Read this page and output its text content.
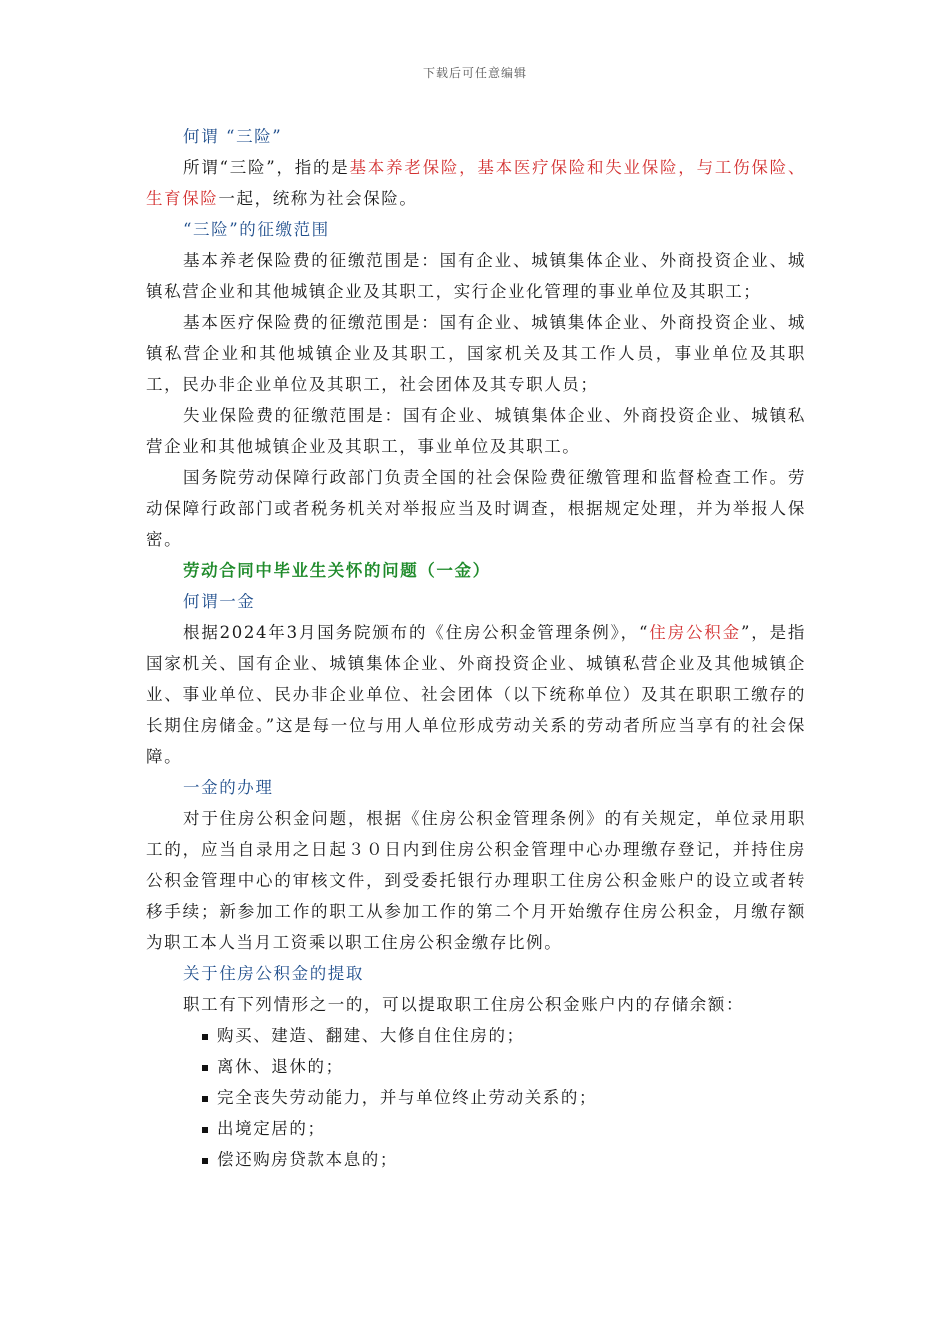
下载后可任意编辑

何谓 “三险”

所谓“三险”，指的是基本养老保险，基本医疗保险和失业保险，与工伤保险、生育保险一起，统称为社会保险。

“三险”的征缴范围

基本养老保险费的征缴范围是：国有企业、城镇集体企业、外商投资企业、城镇私营企业和其他城镇企业及其职工，实行企业化管理的事业单位及其职工；

基本医疗保险费的征缴范围是：国有企业、城镇集体企业、外商投资企业、城镇私营企业和其他城镇企业及其职工，国家机关及其工作人员，事业单位及其职工，民办非企业单位及其职工，社会团体及其专职人员；

失业保险费的征缴范围是：国有企业、城镇集体企业、外商投资企业、城镇私营企业和其他城镇企业及其职工，事业单位及其职工。

国务院劳动保障行政部门负责全国的社会保险费征缴管理和监督检查工作。劳动保障行政部门或者税务机关对举报应当及时调查，根据规定处理，并为举报人保密。

劳动合同中毕业生关怀的问题（一金）

何谓一金

根据2024年3月国务院颁布的《住房公积金管理条例》，“住房公积金”，是指国家机关、国有企业、城镇集体企业、外商投资企业、城镇私营企业及其他城镇企业、事业单位、民办非企业单位、社会团体（以下统称单位）及其在职职工缴存的长期住房储金。”这是每一位与用人单位形成劳动关系的劳动者所应当享有的社会保障。

一金的办理

对于住房公积金问题，根据《住房公积金管理条例》的有关规定，单位录用职工的，应当自录用之日起３０日内到住房公积金管理中心办理缴存登记，并持住房公积金管理中心的审核文件，到受委托银行办理职工住房公积金账户的设立或者转移手续；新参加工作的职工从参加工作的第二个月开始缴存住房公积金，月缴存额为职工本人当月工资乘以职工住房公积金缴存比例。

关于住房公积金的提取

职工有下列情形之一的，可以提取职工住房公积金账户内的存储余额：

购买、建造、翻建、大修自住住房的；
离休、退休的；
完全丧失劳动能力，并与单位终止劳动关系的；
出境定居的；
偿还购房贷款本息的；
